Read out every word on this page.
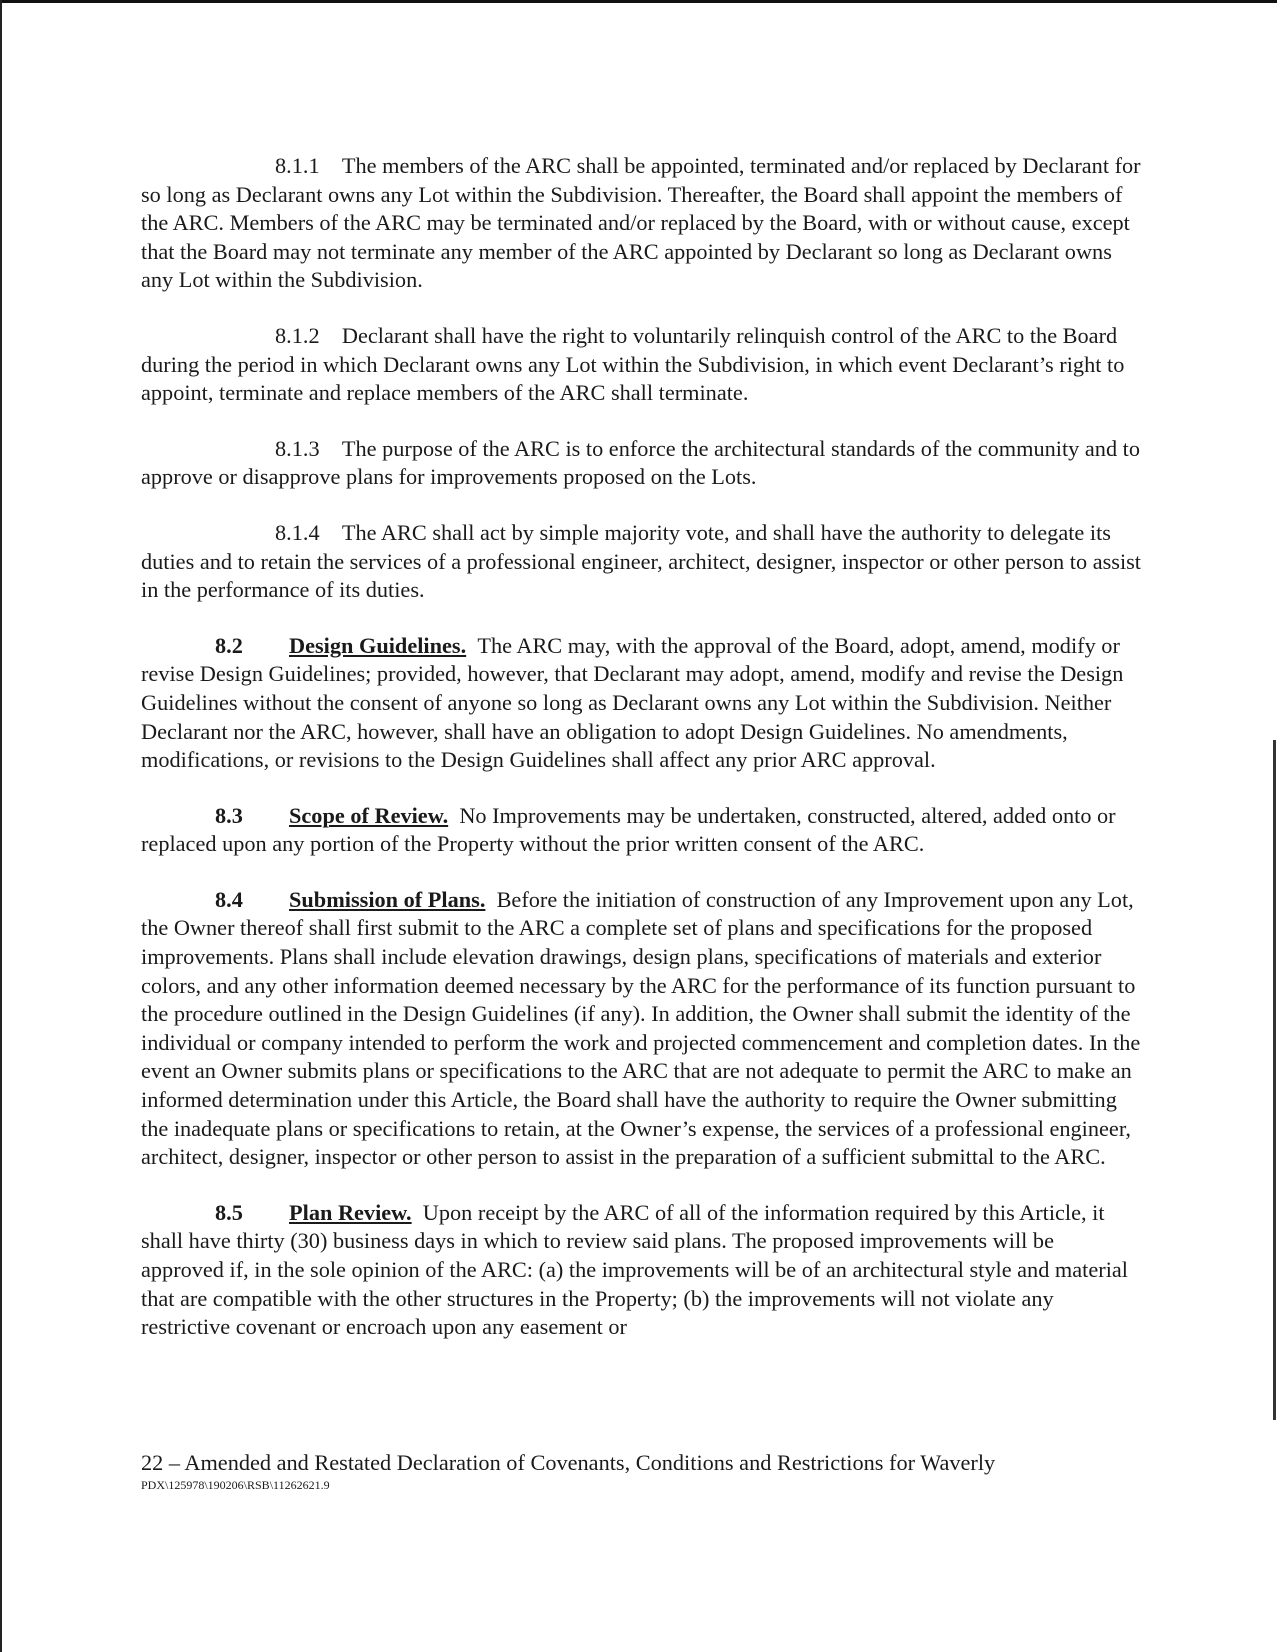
8.1.1 The members of the ARC shall be appointed, terminated and/or replaced by Declarant for so long as Declarant owns any Lot within the Subdivision. Thereafter, the Board shall appoint the members of the ARC. Members of the ARC may be terminated and/or replaced by the Board, with or without cause, except that the Board may not terminate any member of the ARC appointed by Declarant so long as Declarant owns any Lot within the Subdivision.

8.1.2 Declarant shall have the right to voluntarily relinquish control of the ARC to the Board during the period in which Declarant owns any Lot within the Subdivision, in which event Declarant’s right to appoint, terminate and replace members of the ARC shall terminate.

8.1.3 The purpose of the ARC is to enforce the architectural standards of the community and to approve or disapprove plans for improvements proposed on the Lots.

8.1.4 The ARC shall act by simple majority vote, and shall have the authority to delegate its duties and to retain the services of a professional engineer, architect, designer, inspector or other person to assist in the performance of its duties.

8.2 Design Guidelines. The ARC may, with the approval of the Board, adopt, amend, modify or revise Design Guidelines; provided, however, that Declarant may adopt, amend, modify and revise the Design Guidelines without the consent of anyone so long as Declarant owns any Lot within the Subdivision. Neither Declarant nor the ARC, however, shall have an obligation to adopt Design Guidelines. No amendments, modifications, or revisions to the Design Guidelines shall affect any prior ARC approval.

8.3 Scope of Review. No Improvements may be undertaken, constructed, altered, added onto or replaced upon any portion of the Property without the prior written consent of the ARC.

8.4 Submission of Plans. Before the initiation of construction of any Improvement upon any Lot, the Owner thereof shall first submit to the ARC a complete set of plans and specifications for the proposed improvements. Plans shall include elevation drawings, design plans, specifications of materials and exterior colors, and any other information deemed necessary by the ARC for the performance of its function pursuant to the procedure outlined in the Design Guidelines (if any). In addition, the Owner shall submit the identity of the individual or company intended to perform the work and projected commencement and completion dates. In the event an Owner submits plans or specifications to the ARC that are not adequate to permit the ARC to make an informed determination under this Article, the Board shall have the authority to require the Owner submitting the inadequate plans or specifications to retain, at the Owner’s expense, the services of a professional engineer, architect, designer, inspector or other person to assist in the preparation of a sufficient submittal to the ARC.

8.5 Plan Review. Upon receipt by the ARC of all of the information required by this Article, it shall have thirty (30) business days in which to review said plans. The proposed improvements will be approved if, in the sole opinion of the ARC: (a) the improvements will be of an architectural style and material that are compatible with the other structures in the Property; (b) the improvements will not violate any restrictive covenant or encroach upon any easement or

22 – Amended and Restated Declaration of Covenants, Conditions and Restrictions for Waverly
PDX\125978\190206\RSB\11262621.9
